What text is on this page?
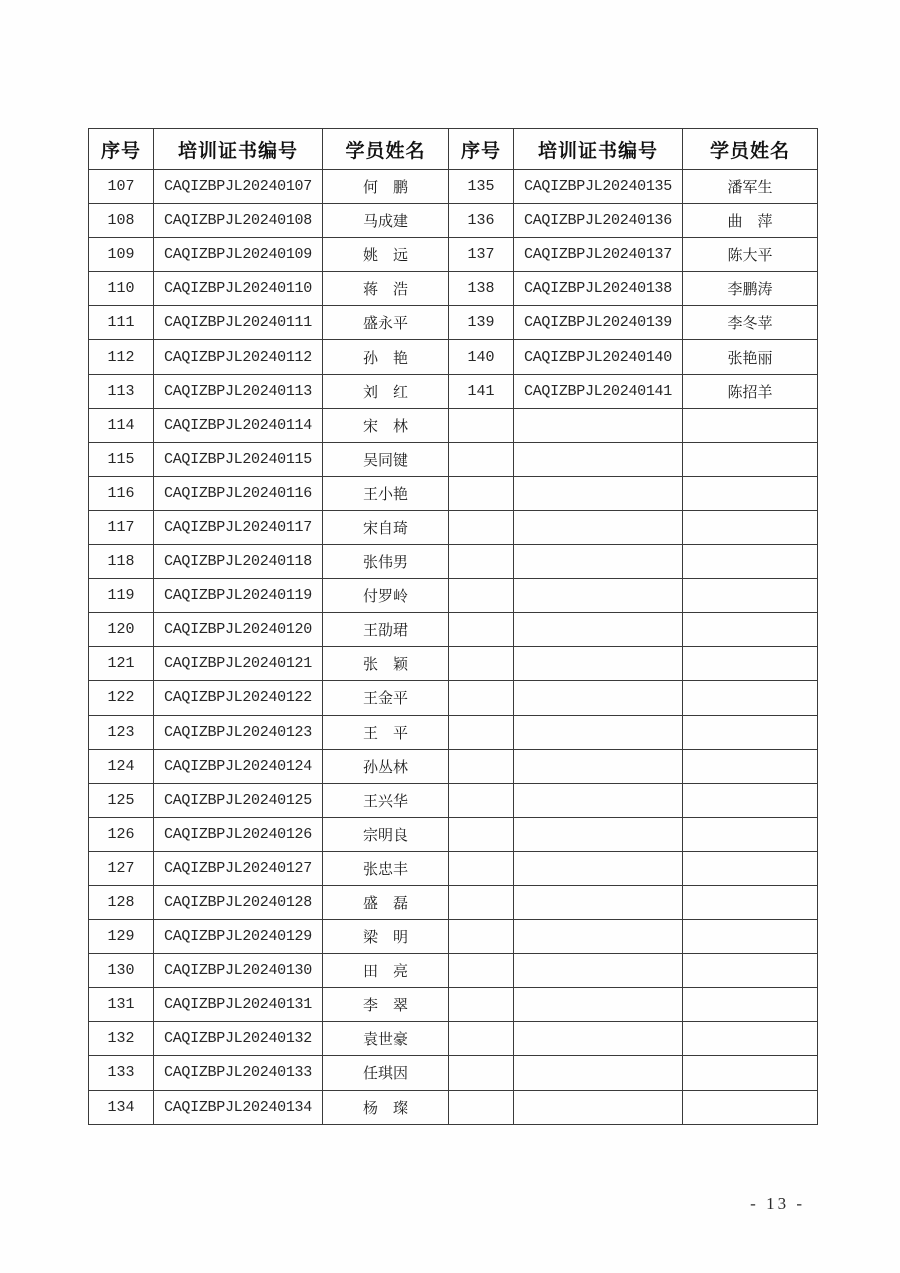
序号	培训证书编号	学员姓名	序号	培训证书编号	学员姓名
107	CAQIZBPJL20240107	何　鹏	135	CAQIZBPJL20240135	潘军生
108	CAQIZBPJL20240108	马成建	136	CAQIZBPJL20240136	曲　萍
109	CAQIZBPJL20240109	姚　远	137	CAQIZBPJL20240137	陈大平
110	CAQIZBPJL20240110	蒋　浩	138	CAQIZBPJL20240138	李鹏涛
111	CAQIZBPJL20240111	盛永平	139	CAQIZBPJL20240139	李冬苹
112	CAQIZBPJL20240112	孙　艳	140	CAQIZBPJL20240140	张艳丽
113	CAQIZBPJL20240113	刘　红	141	CAQIZBPJL20240141	陈招羊
114	CAQIZBPJL20240114	宋　林			
115	CAQIZBPJL20240115	吴同键			
116	CAQIZBPJL20240116	王小艳			
117	CAQIZBPJL20240117	宋自琦			
118	CAQIZBPJL20240118	张伟男			
119	CAQIZBPJL20240119	付罗岭			
120	CAQIZBPJL20240120	王劭珺			
121	CAQIZBPJL20240121	张　颖			
122	CAQIZBPJL20240122	王金平			
123	CAQIZBPJL20240123	王　平			
124	CAQIZBPJL20240124	孙丛林			
125	CAQIZBPJL20240125	王兴华			
126	CAQIZBPJL20240126	宗明良			
127	CAQIZBPJL20240127	张忠丰			
128	CAQIZBPJL20240128	盛　磊			
129	CAQIZBPJL20240129	梁　明			
130	CAQIZBPJL20240130	田　亮			
131	CAQIZBPJL20240131	李　翠			
132	CAQIZBPJL20240132	袁世豪			
133	CAQIZBPJL20240133	任琪因			
134	CAQIZBPJL20240134	杨　璨			
- 13 -
